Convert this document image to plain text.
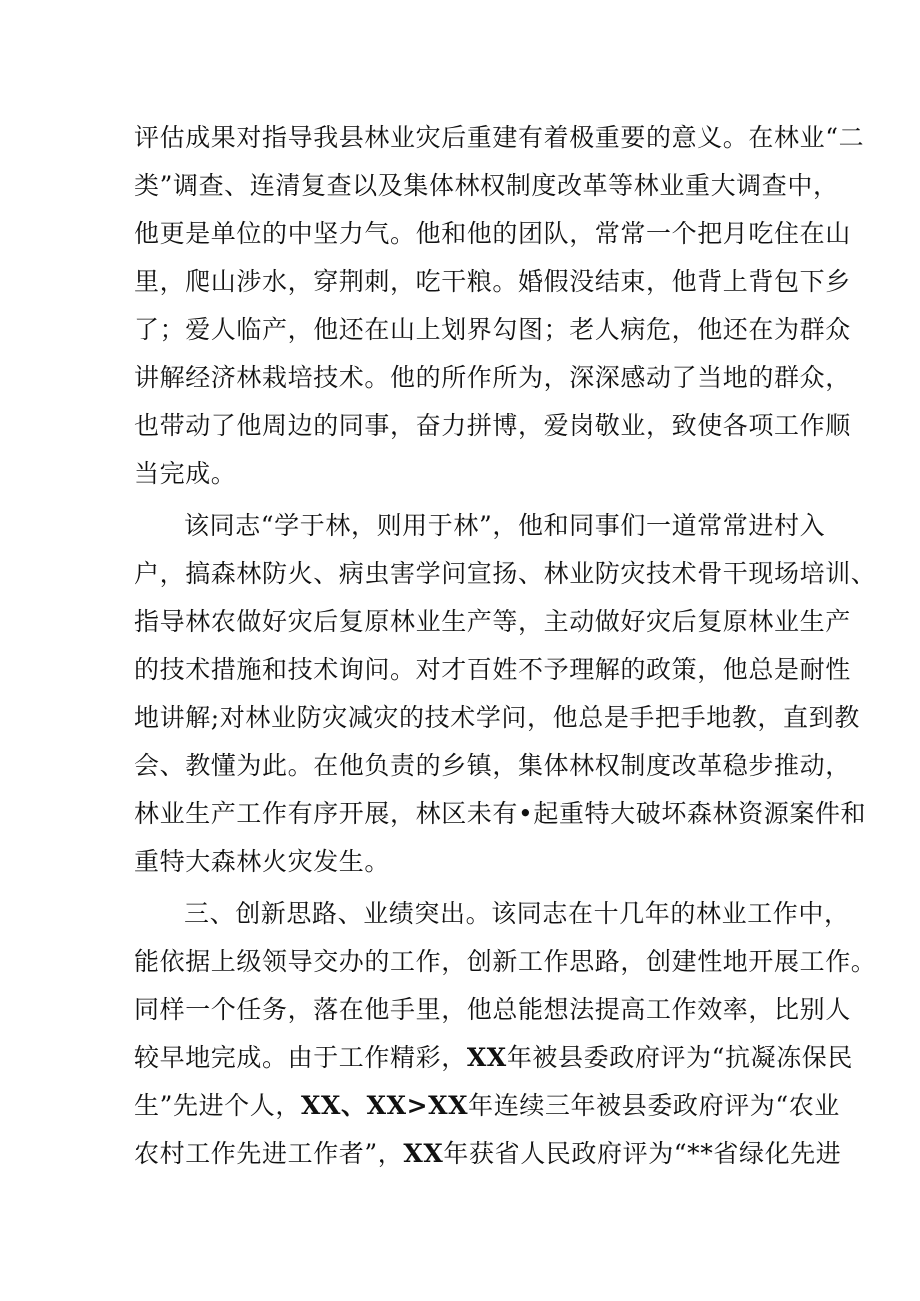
评估成果对指导我县林业灾后重建有着极重要的意义。在林业“二
类”调查、连清复查以及集体林权制度改革等林业重大调查中，
他更是单位的中坚力气。他和他的团队，常常一个把月吃住在山
里，爬山涉水，穿荆刺，吃干粮。婚假没结束，他背上背包下乡
了；爱人临产，他还在山上划界勾图；老人病危，他还在为群众
讲解经济林栽培技术。他的所作所为，深深感动了当地的群众，
也带动了他周边的同事，奋力拼博，爱岗敬业，致使各项工作顺
当完成。
该同志“学于林，则用于林”，他和同事们一道常常进村入
户，搞森林防火、病虫害学问宣扬、林业防灾技术骨干现场培训、
指导林农做好灾后复原林业生产等，主动做好灾后复原林业生产
的技术措施和技术询问。对才百姓不予理解的政策，他总是耐性
地讲解;对林业防灾减灾的技术学问，他总是手把手地教，直到教
会、教懂为此。在他负责的乡镇，集体林权制度改革稳步推动，
林业生产工作有序开展，林区未有•起重特大破坏森林资源案件和
重特大森林火灾发生。
三、创新思路、业绩突出。该同志在十几年的林业工作中，
能依据上级领导交办的工作，创新工作思路，创建性地开展工作。
同样一个任务，落在他手里，他总能想法提高工作效率，比别人
较早地完成。由于工作精彩，XX年被县委政府评为“抗凝冻保民
生”先进个人，XX、XX>XX年连续三年被县委政府评为“农业
农村工作先进工作者”，XX年获省人民政府评为“**省绿化先进
